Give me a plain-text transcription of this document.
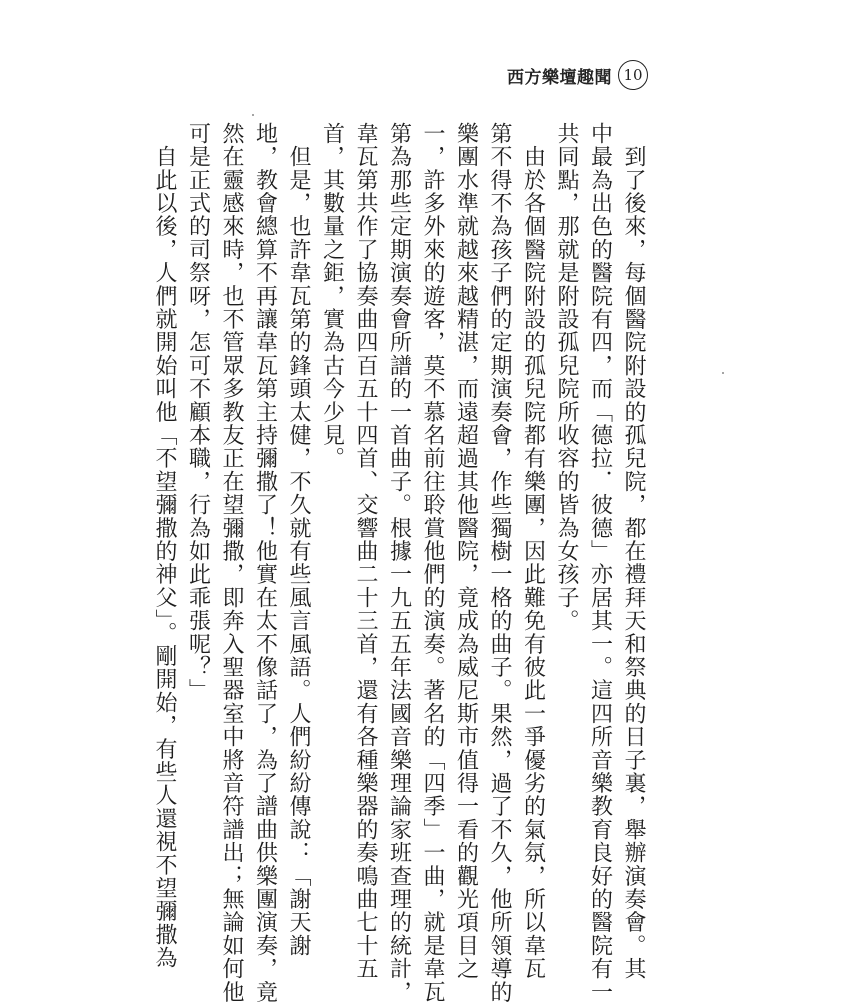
西方樂壇趣聞 10
　到了後來，每個醫院附設的孤兒院，都在禮拜天和祭典的日子裏，舉辦演奏會。其
中最為出色的醫院有四，而「德拉．彼德」亦居其一。這四所音樂教育良好的醫院有一
共同點，那就是附設孤兒院所收容的皆為女孩子。
　由於各個醫院附設的孤兒院都有樂團，因此難免有彼此一爭優劣的氣氛，所以韋瓦
第不得不為孩子們的定期演奏會，作些獨樹一格的曲子。果然，過了不久，他所領導的
樂團水準就越來越精湛，而遠超過其他醫院，竟成為威尼斯市值得一看的觀光項目之
一，許多外來的遊客，莫不慕名前往聆賞他們的演奏。著名的「四季」一曲，就是韋瓦
第為那些定期演奏會所譜的一首曲子。根據一九五五年法國音樂理論家班查理的統計，
韋瓦第共作了協奏曲四百五十四首、交響曲二十三首，還有各種樂器的奏鳴曲七十五
首，其數量之鉅，實為古今少見。
　但是，也許韋瓦第的鋒頭太健，不久就有些風言風語。人們紛紛傳說：「謝天謝
地，教會總算不再讓韋瓦第主持彌撒了！他實在太不像話了，為了譜曲供樂團演奏，竟
然在靈感來時，也不管眾多教友正在望彌撒，即奔入聖器室中將音符譜出；無論如何他
可是正式的司祭呀，怎可不顧本職，行為如此乖張呢？」
　自此以後，人們就開始叫他「不望彌撒的神父」。剛開始，有些人還視不望彌撒為
